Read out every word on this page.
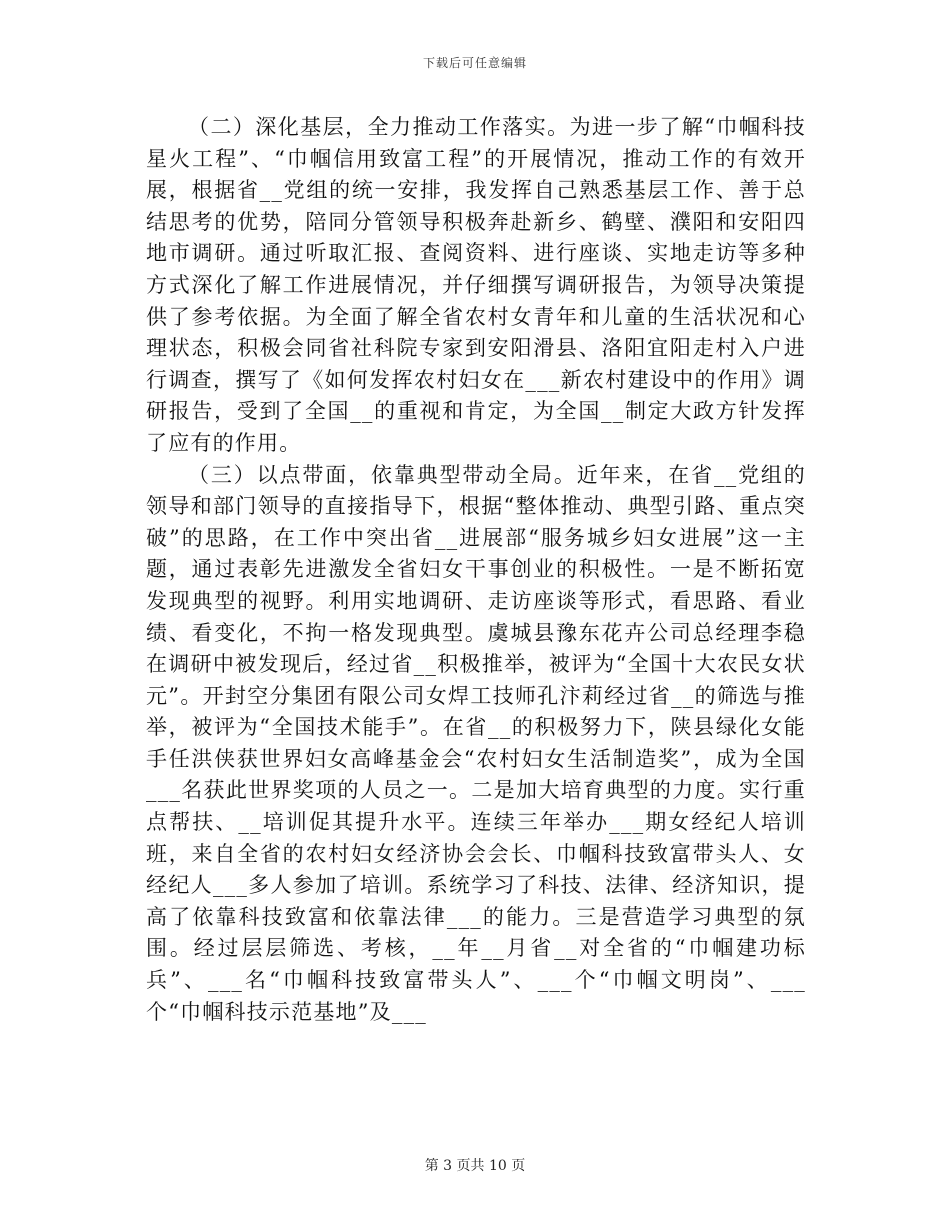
下载后可任意编辑

（二）深化基层，全力推动工作落实。为进一步了解“巾帼科技星火工程”、“巾帼信用致富工程”的开展情况，推动工作的有效开展，根据省__党组的统一安排，我发挥自己熟悉基层工作、善于总结思考的优势，陪同分管领导积极奔赴新乡、鹤壁、濮阳和安阳四地市调研。通过听取汇报、查阅资料、进行座谈、实地走访等多种方式深化了解工作进展情况，并仔细撰写调研报告，为领导决策提供了参考依据。为全面了解全省农村女青年和儿童的生活状况和心理状态，积极会同省社科院专家到安阳滑县、洛阳宜阳走村入户进行调查，撰写了《如何发挥农村妇女在___新农村建设中的作用》调研报告，受到了全国__的重视和肯定，为全国__制定大政方针发挥了应有的作用。

（三）以点带面，依靠典型带动全局。近年来，在省__党组的领导和部门领导的直接指导下，根据“整体推动、典型引路、重点突破”的思路，在工作中突出省__进展部“服务城乡妇女进展”这一主题，通过表彰先进激发全省妇女干事创业的积极性。一是不断拓宽发现典型的视野。利用实地调研、走访座谈等形式，看思路、看业绩、看变化，不拘一格发现典型。虞城县豫东花卉公司总经理李稳在调研中被发现后，经过省__积极推举，被评为“全国十大农民女状元”。开封空分集团有限公司女焊工技师孔汴莉经过省__的筛选与推举，被评为“全国技术能手”。在省__的积极努力下，陕县绿化女能手任洪侠获世界妇女高峰基金会“农村妇女生活制造奖”，成为全国___名获此世界奖项的人员之一。二是加大培育典型的力度。实行重点帮扶、__培训促其提升水平。连续三年举办___期女经纪人培训班，来自全省的农村妇女经济协会会长、巾帼科技致富带头人、女经纪人___多人参加了培训。系统学习了科技、法律、经济知识，提高了依靠科技致富和依靠法律___的能力。三是营造学习典型的氛围。经过层层筛选、考核，__年__月省__对全省的“巾帼建功标兵”、___名“巾帼科技致富带头人”、___个“巾帼文明岗”、___个“巾帼科技示范基地”及___

第 3 页共 10 页
